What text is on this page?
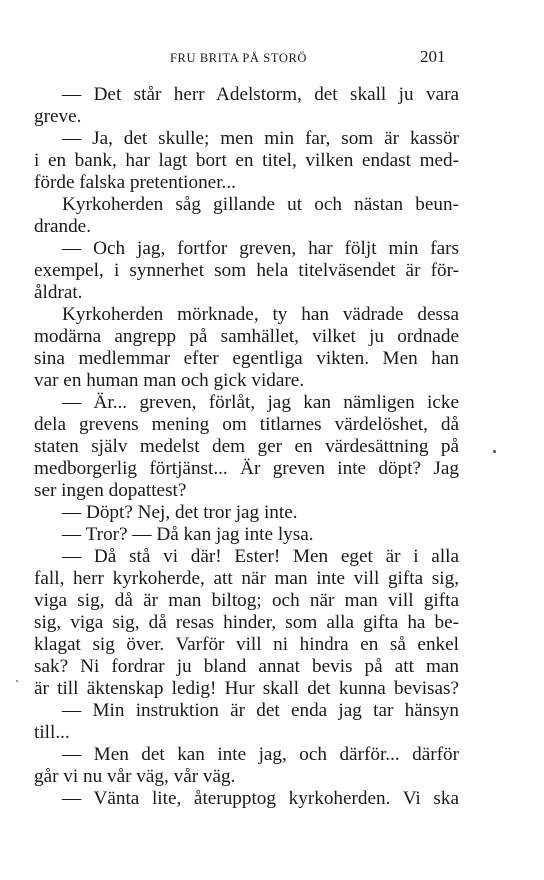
FRU BRITA PÅ STORÖ	201
— Det står herr Adelstorm, det skall ju vara
greve.
— Ja, det skulle; men min far, som är kassör
i en bank, har lagt bort en titel, vilken endast med-
förde falska pretentioner...
Kyrkoherden såg gillande ut och nästan beun-
drande.
— Och jag, fortfor greven, har följt min fars
exempel, i synnerhet som hela titelväsendet är för-
åldrat.
Kyrkoherden mörknade, ty han vädrade dessa
modärna angrepp på samhället, vilket ju ordnade
sina medlemmar efter egentliga vikten. Men han
var en human man och gick vidare.
— Är... greven, förlåt, jag kan nämligen icke
dela grevens mening om titlarnes värdelöshet, då
staten själv medelst dem ger en värdesättning på
medborgerlig förtjänst... Är greven inte döpt? Jag
ser ingen dopattest?
— Döpt? Nej, det tror jag inte.
— Tror? — Då kan jag inte lysa.
— Då stå vi där! Ester! Men eget är i alla
fall, herr kyrkoherde, att när man inte vill gifta sig,
viga sig, då är man biltog; och när man vill gifta
sig, viga sig, då resas hinder, som alla gifta ha be-
klagat sig över. Varför vill ni hindra en så enkel
sak? Ni fordrar ju bland annat bevis på att man
är till äktenskap ledig! Hur skall det kunna bevisas?
— Min instruktion är det enda jag tar hänsyn
till...
— Men det kan inte jag, och därför... därför
går vi nu vår väg, vår väg.
— Vänta lite, återupptog kyrkoherden. Vi ska
